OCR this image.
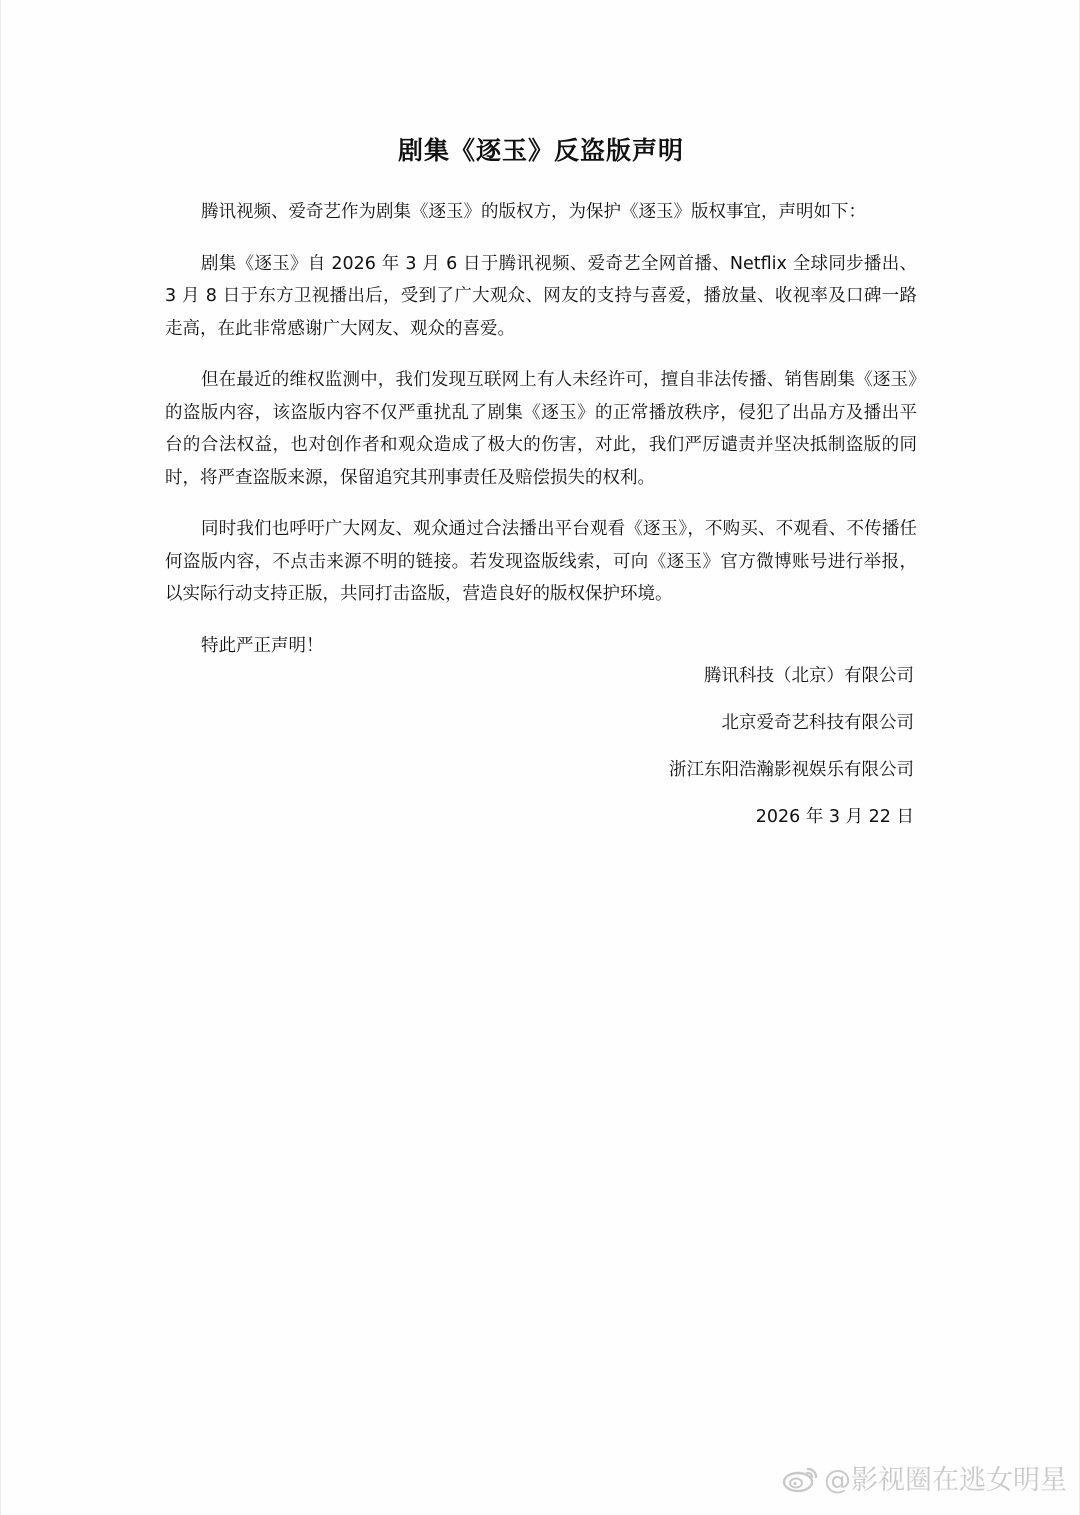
剧集《逐玉》反盗版声明

腾讯视频、爱奇艺作为剧集《逐玉》的版权方，为保护《逐玉》版权事宜，声明如下：

剧集《逐玉》自 2026 年 3 月 6 日于腾讯视频、爱奇艺全网首播、Netflix 全球同步播出、3 月 8 日于东方卫视播出后，受到了广大观众、网友的支持与喜爱，播放量、收视率及口碑一路走高，在此非常感谢广大网友、观众的喜爱。

但在最近的维权监测中，我们发现互联网上有人未经许可，擅自非法传播、销售剧集《逐玉》的盗版内容，该盗版内容不仅严重扰乱了剧集《逐玉》的正常播放秩序，侵犯了出品方及播出平台的合法权益，也对创作者和观众造成了极大的伤害，对此，我们严厉谴责并坚决抵制盗版的同时，将严查盗版来源，保留追究其刑事责任及赔偿损失的权利。

同时我们也呼吁广大网友、观众通过合法播出平台观看《逐玉》，不购买、不观看、不传播任何盗版内容，不点击来源不明的链接。若发现盗版线索，可向《逐玉》官方微博账号进行举报，以实际行动支持正版，共同打击盗版，营造良好的版权保护环境。

特此严正声明！

腾讯科技（北京）有限公司
北京爱奇艺科技有限公司
浙江东阳浩瀚影视娱乐有限公司
2026 年 3 月 22 日
@影视圈在逃女明星
